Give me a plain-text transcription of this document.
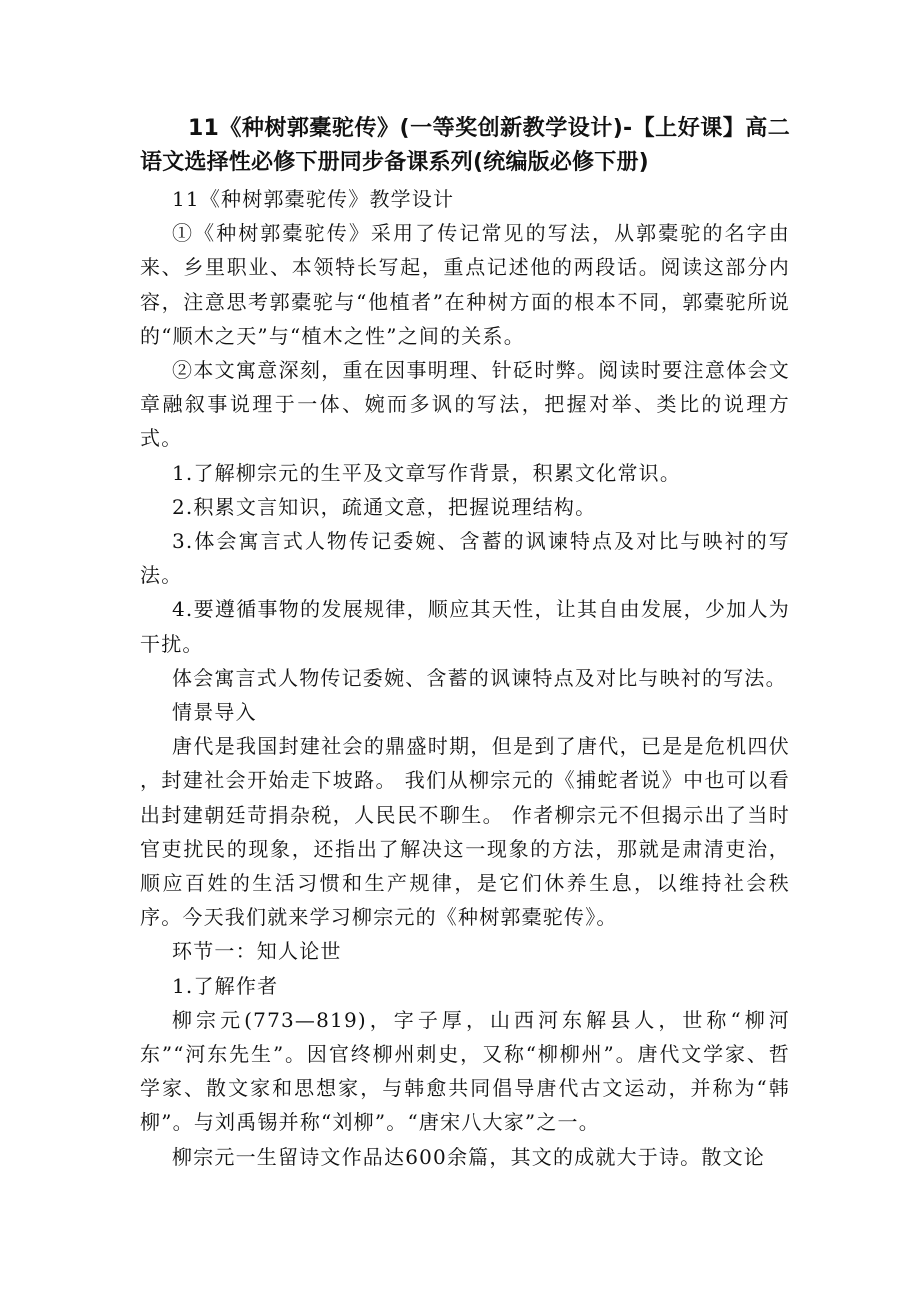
11《种树郭橐驼传》(一等奖创新教学设计)-【上好课】高二语文选择性必修下册同步备课系列(统编版必修下册)

11《种树郭橐驼传》教学设计

①《种树郭橐驼传》采用了传记常见的写法，从郭橐驼的名字由来、乡里职业、本领特长写起，重点记述他的两段话。阅读这部分内容，注意思考郭橐驼与“他植者”在种树方面的根本不同，郭橐驼所说的“顺木之天”与“植木之性”之间的关系。

②本文寓意深刻，重在因事明理、针砭时弊。阅读时要注意体会文章融叙事说理于一体、婉而多讽的写法，把握对举、类比的说理方式。

1.了解柳宗元的生平及文章写作背景，积累文化常识。

2.积累文言知识，疏通文意，把握说理结构。

3.体会寓言式人物传记委婉、含蓄的讽谏特点及对比与映衬的写法。

4.要遵循事物的发展规律，顺应其天性，让其自由发展，少加人为干扰。

体会寓言式人物传记委婉、含蓄的讽谏特点及对比与映衬的写法。

情景导入

唐代是我国封建社会的鼎盛时期，但是到了唐代，已是是危机四伏 ，封建社会开始走下坡路。 我们从柳宗元的《捕蛇者说》中也可以看出封建朝廷苛捐杂税，人民民不聊生。 作者柳宗元不但揭示出了当时官吏扰民的现象，还指出了解决这一现象的方法，那就是肃清吏治，顺应百姓的生活习惯和生产规律，是它们休养生息，以维持社会秩序。今天我们就来学习柳宗元的《种树郭橐驼传》。

环节一：知人论世

1.了解作者

柳宗元(773—819)，字子厚，山西河东解县人，世称“柳河东”“河东先生”。因官终柳州刺史，又称“柳柳州”。唐代文学家、哲学家、散文家和思想家，与韩愈共同倡导唐代古文运动，并称为“韩柳”。与刘禹锡并称“刘柳”。“唐宋八大家”之一。

柳宗元一生留诗文作品达600余篇，其文的成就大于诗。散文论
